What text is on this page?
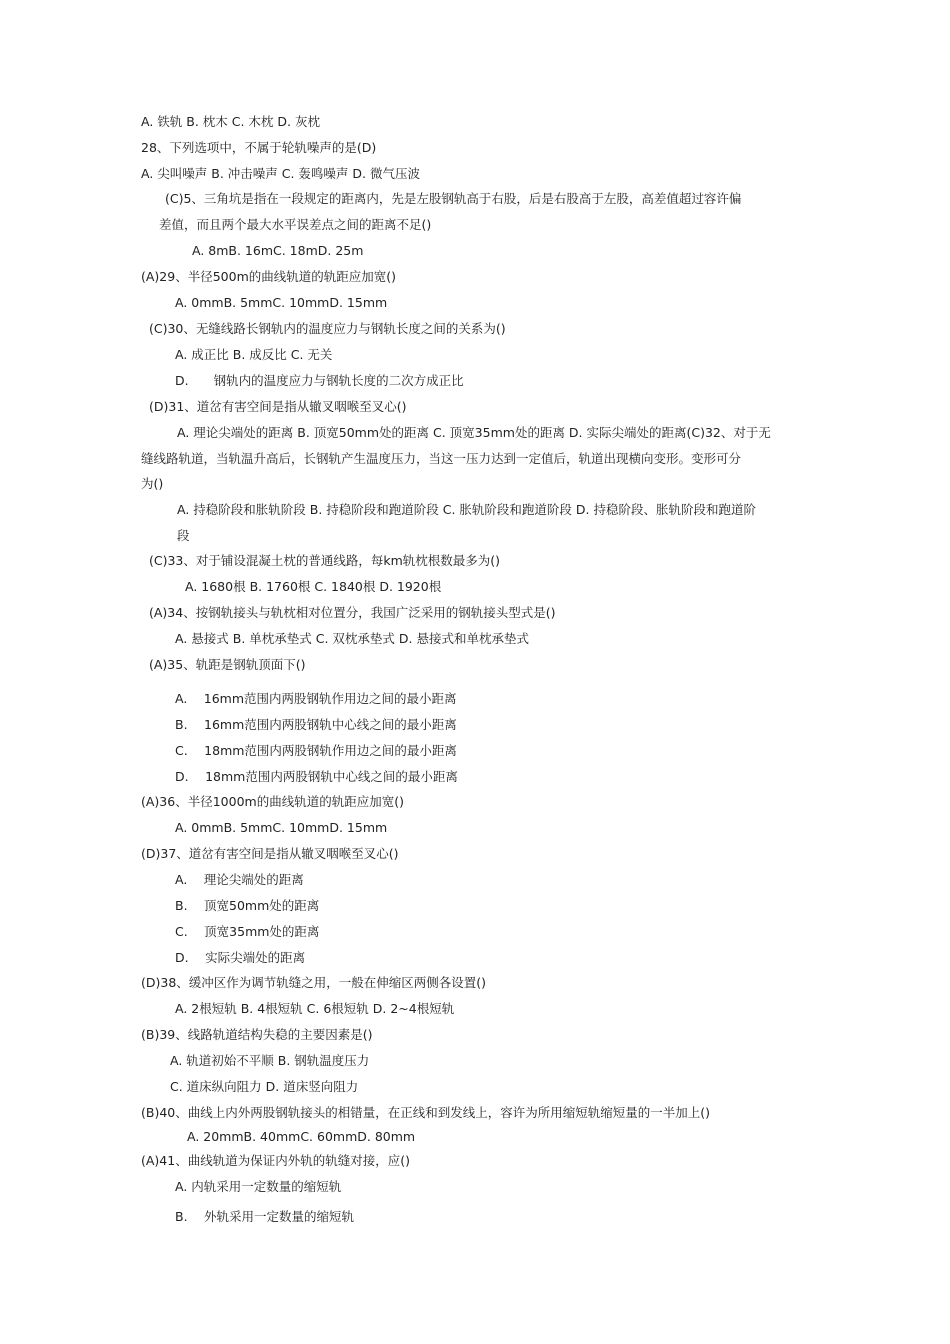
A. 铁轨 B. 枕木 C. 木枕 D. 灰枕
28、下列选项中，不属于轮轨噪声的是(D)
A. 尖叫噪声 B. 冲击噪声 C. 轰鸣噪声 D. 微气压波
(C)5、三角坑是指在一段规定的距离内，先是左股钢轨高于右股，后是右股高于左股，高差值超过容许偏
差值，而且两个最大水平误差点之间的距离不足()
A. 8mB. 16mC. 18mD. 25m
(A)29、半径500m的曲线轨道的轨距应加宽()
A. 0mmB. 5mmC. 10mmD. 15mm
(C)30、无缝线路长钢轨内的温度应力与钢轨长度之间的关系为()
A. 成正比 B. 成反比 C. 无关
D.  钢轨内的温度应力与钢轨长度的二次方成正比
(D)31、道岔有害空间是指从辙叉咽喉至叉心()
A. 理论尖端处的距离 B. 顶宽50mm处的距离 C. 顶宽35mm处的距离 D. 实际尖端处的距离(C)32、对于无
缝线路轨道，当轨温升高后，长钢轨产生温度压力，当这一压力达到一定值后，轨道出现横向变形。变形可分
为()
A. 持稳阶段和胀轨阶段 B. 持稳阶段和跑道阶段 C. 胀轨阶段和跑道阶段 D. 持稳阶段、胀轨阶段和跑道阶
段
(C)33、对于铺设混凝土枕的普通线路，每km轨枕根数最多为()
A. 1680根 B. 1760根 C. 1840根 D. 1920根
(A)34、按钢轨接头与轨枕相对位置分，我国广泛采用的钢轨接头型式是()
A. 悬接式 B. 单枕承垫式 C. 双枕承垫式 D. 悬接式和单枕承垫式
(A)35、轨距是钢轨顶面下()
A.  16mm范围内两股钢轨作用边之间的最小距离
B.  16mm范围内两股钢轨中心线之间的最小距离
C.  18mm范围内两股钢轨作用边之间的最小距离
D.  18mm范围内两股钢轨中心线之间的最小距离
(A)36、半径1000m的曲线轨道的轨距应加宽()
A. 0mmB. 5mmC. 10mmD. 15mm
(D)37、道岔有害空间是指从辙叉咽喉至叉心()
A.  理论尖端处的距离
B.  顶宽50mm处的距离
C.  顶宽35mm处的距离
D.  实际尖端处的距离
(D)38、缓冲区作为调节轨缝之用，一般在伸缩区两侧各设置()
A. 2根短轨 B. 4根短轨 C. 6根短轨 D. 2~4根短轨
(B)39、线路轨道结构失稳的主要因素是()
A. 轨道初始不平顺 B. 钢轨温度压力
C. 道床纵向阻力 D. 道床竖向阻力
(B)40、曲线上内外两股钢轨接头的相错量，在正线和到发线上，容许为所用缩短轨缩短量的一半加上()
A. 20mmB. 40mmC. 60mmD. 80mm
(A)41、曲线轨道为保证内外轨的轨缝对接，应()
A. 内轨采用一定数量的缩短轨
B.  外轨采用一定数量的缩短轨
